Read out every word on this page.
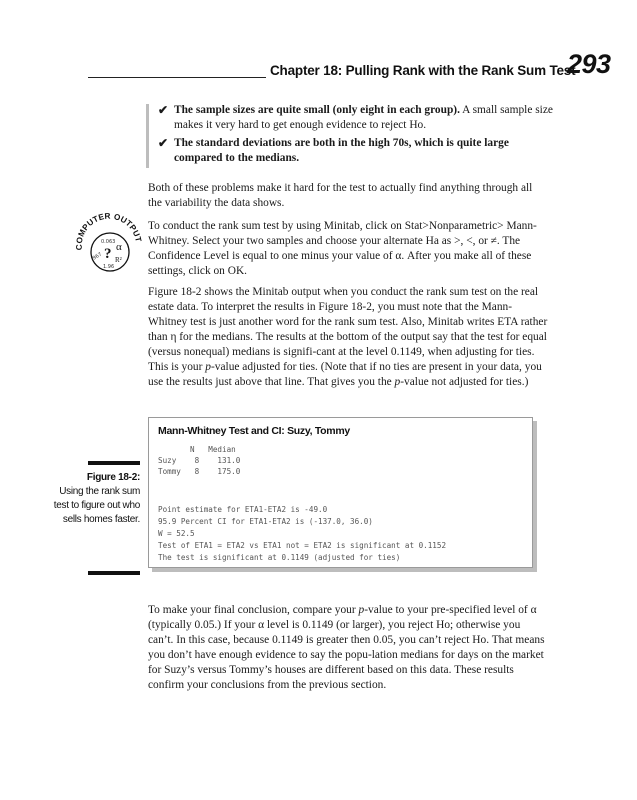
Chapter 18: Pulling Rank with the Rank Sum Test
293
✔ The sample sizes are quite small (only eight in each group). A small sample size makes it very hard to get enough evidence to reject Ho.
✔ The standard deviations are both in the high 70s, which is quite large compared to the medians.

Both of these problems make it hard for the test to actually find anything through all the variability the data shows.

COMPUTER OUTPUT
0.063
967
1.96
? α
R²

To conduct the rank sum test by using Minitab, click on Stat>Nonparametric> Mann-Whitney. Select your two samples and choose your alternate Ha as >, <, or ≠. The Confidence Level is equal to one minus your value of α. After you make all of these settings, click on OK.

Figure 18-2 shows the Minitab output when you conduct the rank sum test on the real estate data. To interpret the results in Figure 18-2, you must note that the Mann-Whitney test is just another word for the rank sum test. Also, Minitab writes ETA rather than η for the medians. The results at the bottom of the output say that the test for equal (versus nonequal) medians is signifi-cant at the level 0.1149, when adjusting for ties. This is your p-value adjusted for ties. (Note that if no ties are present in your data, you use the results just above that line. That gives you the p-value not adjusted for ties.)

Figure 18-2:
Using the rank sum test to figure out who sells homes faster.
Mann-Whitney Test and CI: Suzy, Tommy
N   Median
Suzy    8    131.0
Tommy   8    175.0
Point estimate for ETA1-ETA2 is -49.0
95.9 Percent CI for ETA1-ETA2 is (-137.0, 36.0)
W = 52.5
Test of ETA1 = ETA2 vs ETA1 not = ETA2 is significant at 0.1152
The test is significant at 0.1149 (adjusted for ties)

To make your final conclusion, compare your p-value to your pre-specified level of α (typically 0.05.) If your α level is 0.1149 (or larger), you reject Ho; otherwise you can’t. In this case, because 0.1149 is greater then 0.05, you can’t reject Ho. That means you don’t have enough evidence to say the popu-lation medians for days on the market for Suzy’s versus Tommy’s houses are different based on this data. These results confirm your conclusions from the previous section.
